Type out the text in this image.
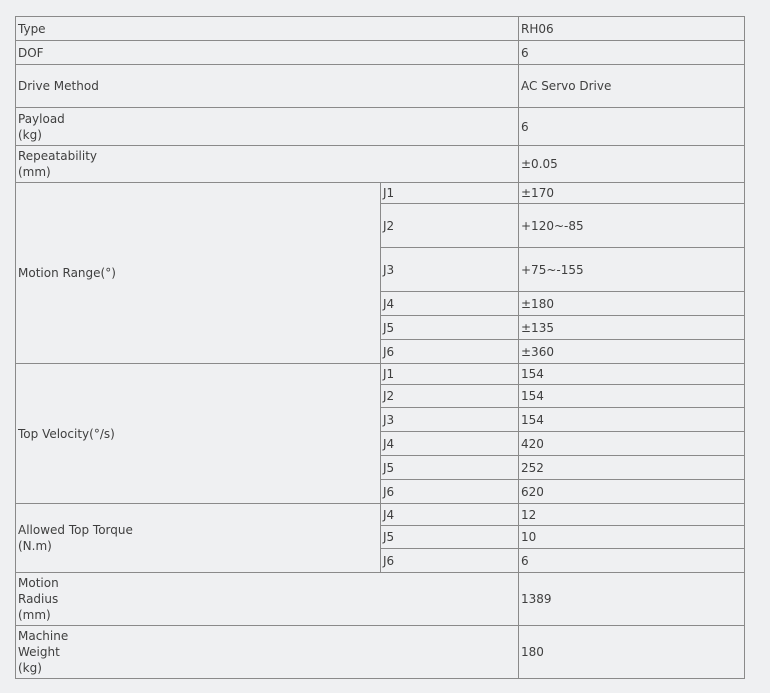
Type		RH06
DOF		6
Drive Method		AC Servo Drive
Payload
(kg)		6
Repeatability
(mm)		±0.05
Motion Range(°)	J1	±170
	J2	+120~-85
	J3	+75~-155
	J4	±180
	J5	±135
	J6	±360
Top Velocity(°/s)	J1	154
	J2	154
	J3	154
	J4	420
	J5	252
	J6	620
Allowed Top Torque
(N.m)	J4	12
	J5	10
	J6	6
Motion
Radius
(mm)		1389
Machine
Weight
(kg)		180
